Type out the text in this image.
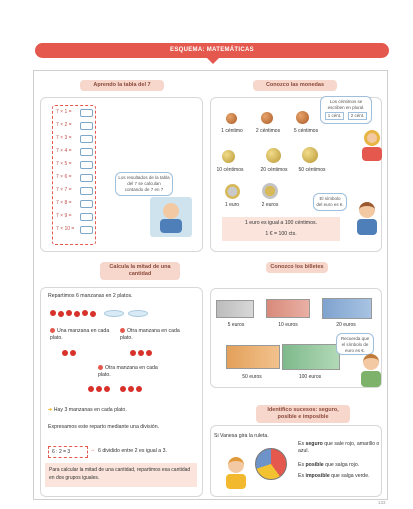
ESQUEMA: MATEMÁTICAS
Aprendo la tabla del 7
7 × 1 =
7 × 2 =
7 × 3 =
7 × 4 =
7 × 5 =
7 × 6 =
7 × 7 =
7 × 8 =
7 × 9 =
7 × 10 =
Los resultados de la tabla del 7 se calculan contando de 7 en 7
Conozco las monedas
Los céntimos se escriben en plural.
1 cént.	2 cént.
1 céntimo	2 céntimos	5 céntimos
10 céntimos	20 céntimos	50 céntimos
1 euro	2 euros
El símbolo del euro es €.
1 euro es igual a 100 céntimos.
1 € = 100 cts.
Calcula la mitad de una cantidad
Repartimos 6 manzanas en 2 platos.
Una manzana en cada plato.
Otra manzana en cada plato.
Otra manzana en cada plato.
➔ Hay 3 manzanas en cada plato.
Expresamos este reparto mediante una división.
6 : 2 = 3	→ 6 dividido entre 2 es igual a 3.
Para calcular la mitad de una cantidad, repartimos esa cantidad en dos grupos iguales.
Conozco los billetes
5 euros	10 euros	20 euros
50 euros	100 euros
Recuerda que el símbolo de euro es €.
Identifico sucesos: seguro, posible e imposible
Si Vanesa gira la ruleta.
Es seguro que sale rojo, amarillo o azul.
Es posible que salga rojo.
Es imposible que salga verde.
133
